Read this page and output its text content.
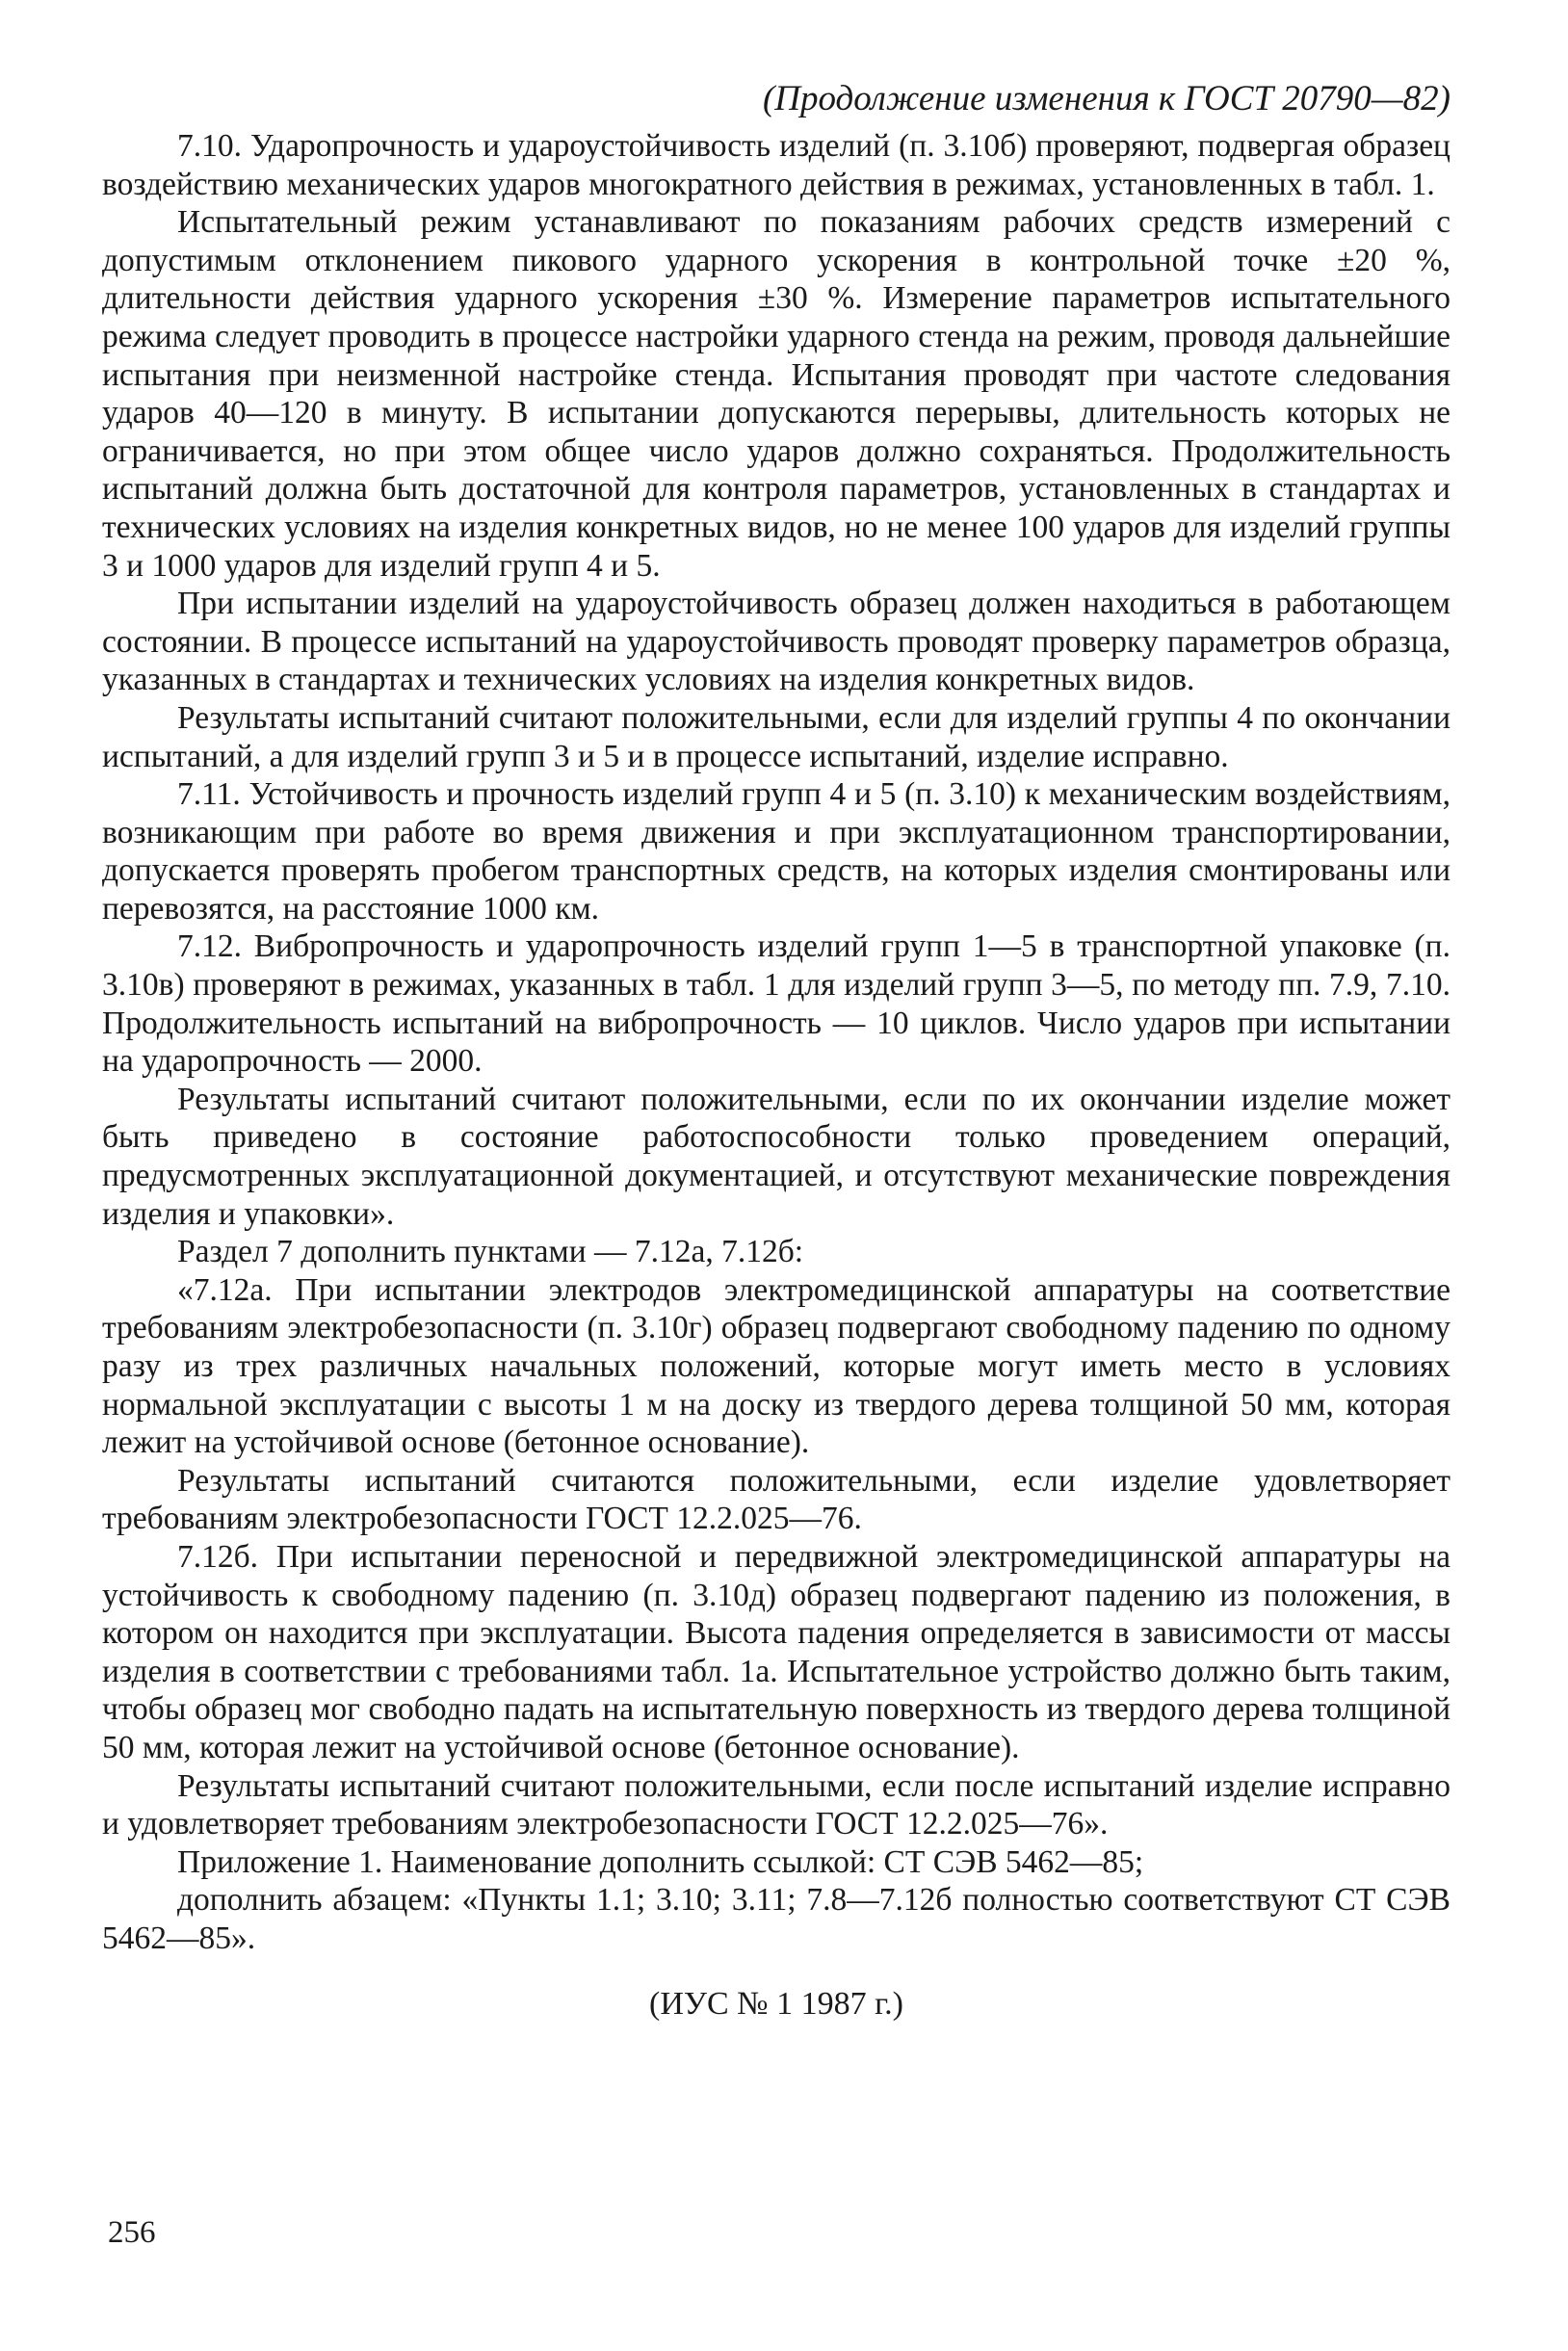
(Продолжение изменения к ГОСТ 20790—82)

7.10. Ударопрочность и удароустойчивость изделий (п. 3.10б) проверяют, подвергая образец воздействию механических ударов многократного действия в режимах, установленных в табл. 1.

Испытательный режим устанавливают по показаниям рабочих средств измерений с допустимым отклонением пикового ударного ускорения в контрольной точке ±20 %, длительности действия ударного ускорения ±30 %. Измерение параметров испытательного режима следует проводить в процессе настройки ударного стенда на режим, проводя дальнейшие испытания при неизменной настройке стенда. Испытания проводят при частоте следования ударов 40—120 в минуту. В испытании допускаются перерывы, длительность которых не ограничивается, но при этом общее число ударов должно сохраняться. Продолжительность испытаний должна быть достаточной для контроля параметров, установленных в стандартах и технических условиях на изделия конкретных видов, но не менее 100 ударов для изделий группы 3 и 1000 ударов для изделий групп 4 и 5.

При испытании изделий на удароустойчивость образец должен находиться в работающем состоянии. В процессе испытаний на удароустойчивость проводят проверку параметров образца, указанных в стандартах и технических условиях на изделия конкретных видов.

Результаты испытаний считают положительными, если для изделий группы 4 по окончании испытаний, а для изделий групп 3 и 5 и в процессе испытаний, изделие исправно.

7.11. Устойчивость и прочность изделий групп 4 и 5 (п. 3.10) к механическим воздействиям, возникающим при работе во время движения и при эксплуатационном транспортировании, допускается проверять пробегом транспортных средств, на которых изделия смонтированы или перевозятся, на расстояние 1000 км.

7.12. Вибропрочность и ударопрочность изделий групп 1—5 в транспортной упаковке (п. 3.10в) проверяют в режимах, указанных в табл. 1 для изделий групп 3—5, по методу пп. 7.9, 7.10. Продолжительность испытаний на вибропрочность — 10 циклов. Число ударов при испытании на ударопрочность — 2000.

Результаты испытаний считают положительными, если по их окончании изделие может быть приведено в состояние работоспособности только проведением операций, предусмотренных эксплуатационной документацией, и отсутствуют механические повреждения изделия и упаковки».

Раздел 7 дополнить пунктами — 7.12а, 7.12б:

«7.12а. При испытании электродов электромедицинской аппаратуры на соответствие требованиям электробезопасности (п. 3.10г) образец подвергают свободному падению по одному разу из трех различных начальных положений, которые могут иметь место в условиях нормальной эксплуатации с высоты 1 м на доску из твердого дерева толщиной 50 мм, которая лежит на устойчивой основе (бетонное основание).

Результаты испытаний считаются положительными, если изделие удовлетворяет требованиям электробезопасности ГОСТ 12.2.025—76.

7.12б. При испытании переносной и передвижной электромедицинской аппаратуры на устойчивость к свободному падению (п. 3.10д) образец подвергают падению из положения, в котором он находится при эксплуатации. Высота падения определяется в зависимости от массы изделия в соответствии с требованиями табл. 1а. Испытательное устройство должно быть таким, чтобы образец мог свободно падать на испытательную поверхность из твердого дерева толщиной 50 мм, которая лежит на устойчивой основе (бетонное основание).

Результаты испытаний считают положительными, если после испытаний изделие исправно и удовлетворяет требованиям электробезопасности ГОСТ 12.2.025—76».

Приложение 1. Наименование дополнить ссылкой: СТ СЭВ 5462—85;

дополнить абзацем: «Пункты 1.1; 3.10; 3.11; 7.8—7.12б полностью соответствуют СТ СЭВ 5462—85».

(ИУС № 1 1987 г.)
256
